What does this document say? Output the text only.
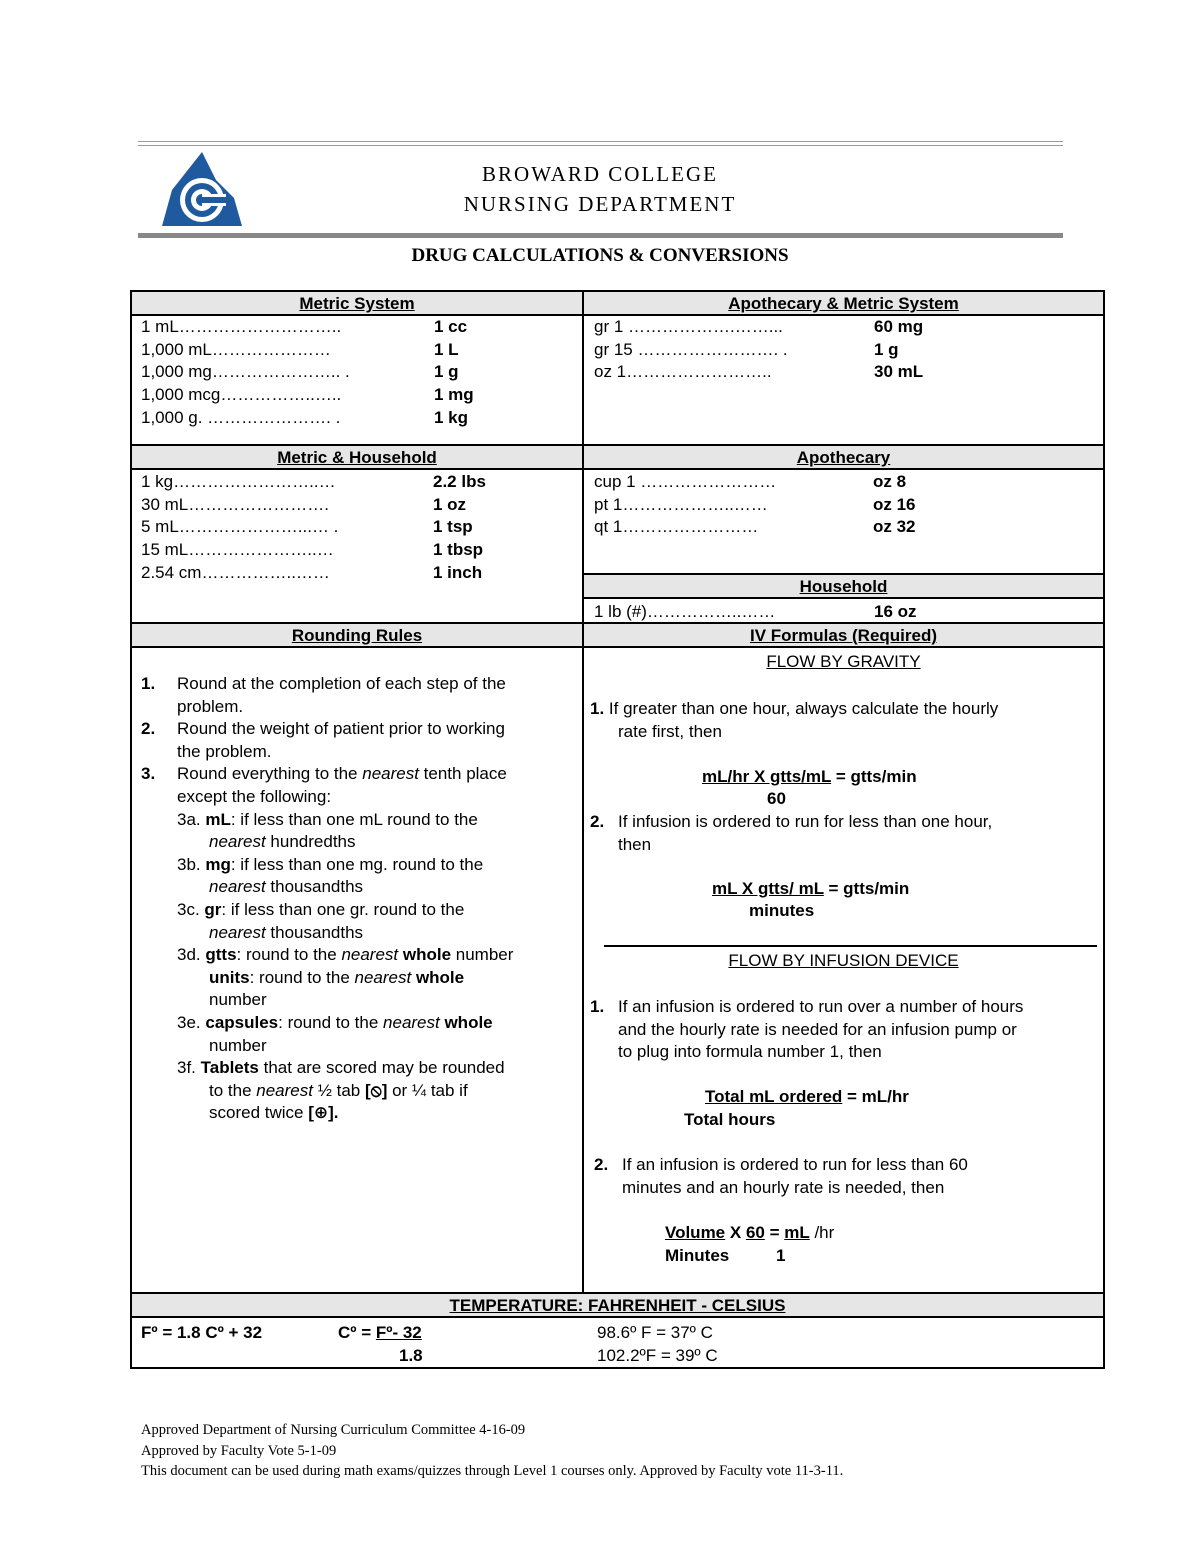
BROWARD COLLEGE
NURSING DEPARTMENT
DRUG CALCULATIONS & CONVERSIONS
Metric System
1 mL………………………..	1 cc
1,000 mL…………………	1 L
1,000 mg………………….. .	1 g
1,000 mcg……………..…..	1 mg
1,000 g. …………………. .	1 kg
Apothecary & Metric System
gr 1 ……………….……...	60 mg
gr 15 ……………………. .	1 g
oz 1……………………..	30 mL
Metric & Household
1 kg……………………..…	2.2 lbs
30 mL…………………….	1 oz
5 mL…………………...… .	1 tsp
15 mL…………………..…	1 tbsp
2.54 cm……………..……	1 inch
Apothecary
cup 1 ……………………	oz 8
pt 1………………..……	oz 16
qt 1……………………	oz 32
Household
1 lb (#)……………..……	16 oz
Rounding Rules
1. Round at the completion of each step of the
problem.
2. Round the weight of patient prior to working
the problem.
3. Round everything to the nearest tenth place
except the following:
3a. mL: if less than one mL round to the
nearest hundredths
3b. mg: if less than one mg. round to the
nearest thousandths
3c. gr: if less than one gr. round to the
nearest thousandths
3d. gtts: round to the nearest whole number
units: round to the nearest whole
number
3e. capsules: round to the nearest whole
number
3f. Tablets that are scored may be rounded
to the nearest ½ tab [⦸] or ¼ tab if
scored twice [⊕].
IV Formulas (Required)
FLOW BY GRAVITY
1. If greater than one hour, always calculate the hourly
rate first, then
mL/hr X gtts/mL = gtts/min
60
2. If infusion is ordered to run for less than one hour,
then
mL X gtts/ mL = gtts/min
minutes
FLOW BY INFUSION DEVICE
1. If an infusion is ordered to run over a number of hours
and the hourly rate is needed for an infusion pump or
to plug into formula number 1, then
Total mL ordered = mL/hr
Total hours
2. If an infusion is ordered to run for less than 60
minutes and an hourly rate is needed, then
Volume X 60 = mL /hr
Minutes	1
TEMPERATURE: FAHRENHEIT - CELSIUS
Fº = 1.8 Cº + 32	Cº = Fº- 32
1.8
98.6º F = 37º C
102.2ºF = 39º C
Approved Department of Nursing Curriculum Committee 4-16-09
Approved by Faculty Vote 5-1-09
This document can be used during math exams/quizzes through Level 1 courses only. Approved by Faculty vote 11-3-11.
